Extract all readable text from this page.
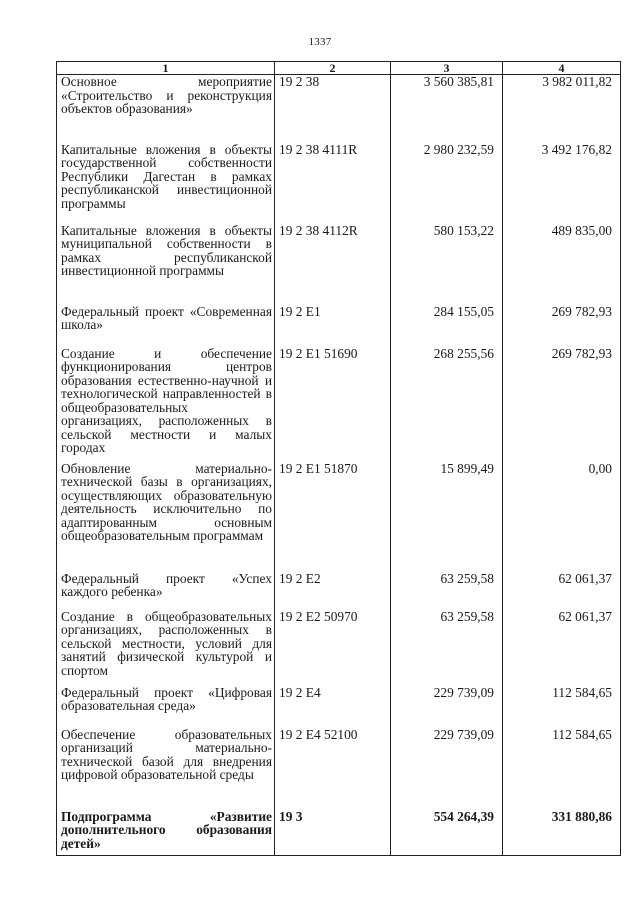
1337
1	2	3	4
Основное мероприятие «Строительство и реконструкция объектов образования»	19 2 38	3 560 385,81	3 982 011,82
Капитальные вложения в объекты государственной собственности Республики Дагестан в рамках республиканской инвестиционной программы	19 2 38 4111R	2 980 232,59	3 492 176,82
Капитальные вложения в объекты муниципальной собственности в рамках республиканской инвестиционной программы	19 2 38 4112R	580 153,22	489 835,00
Федеральный проект «Современная школа»	19 2 E1	284 155,05	269 782,93
Создание и обеспечение функционирования центров образования естественно-научной и технологической направленностей в общеобразовательных организациях, расположенных в сельской местности и малых городах	19 2 E1 51690	268 255,56	269 782,93
Обновление материально-технической базы в организациях, осуществляющих образовательную деятельность исключительно по адаптированным основным общеобразовательным программам	19 2 E1 51870	15 899,49	0,00
Федеральный проект «Успех каждого ребенка»	19 2 E2	63 259,58	62 061,37
Создание в общеобразовательных организациях, расположенных в сельской местности, условий для занятий физической культурой и спортом	19 2 E2 50970	63 259,58	62 061,37
Федеральный проект «Цифровая образовательная среда»	19 2 E4	229 739,09	112 584,65
Обеспечение образовательных организаций материально-технической базой для внедрения цифровой образовательной среды	19 2 E4 52100	229 739,09	112 584,65
Подпрограмма «Развитие дополнительного образования детей»	19 3	554 264,39	331 880,86
